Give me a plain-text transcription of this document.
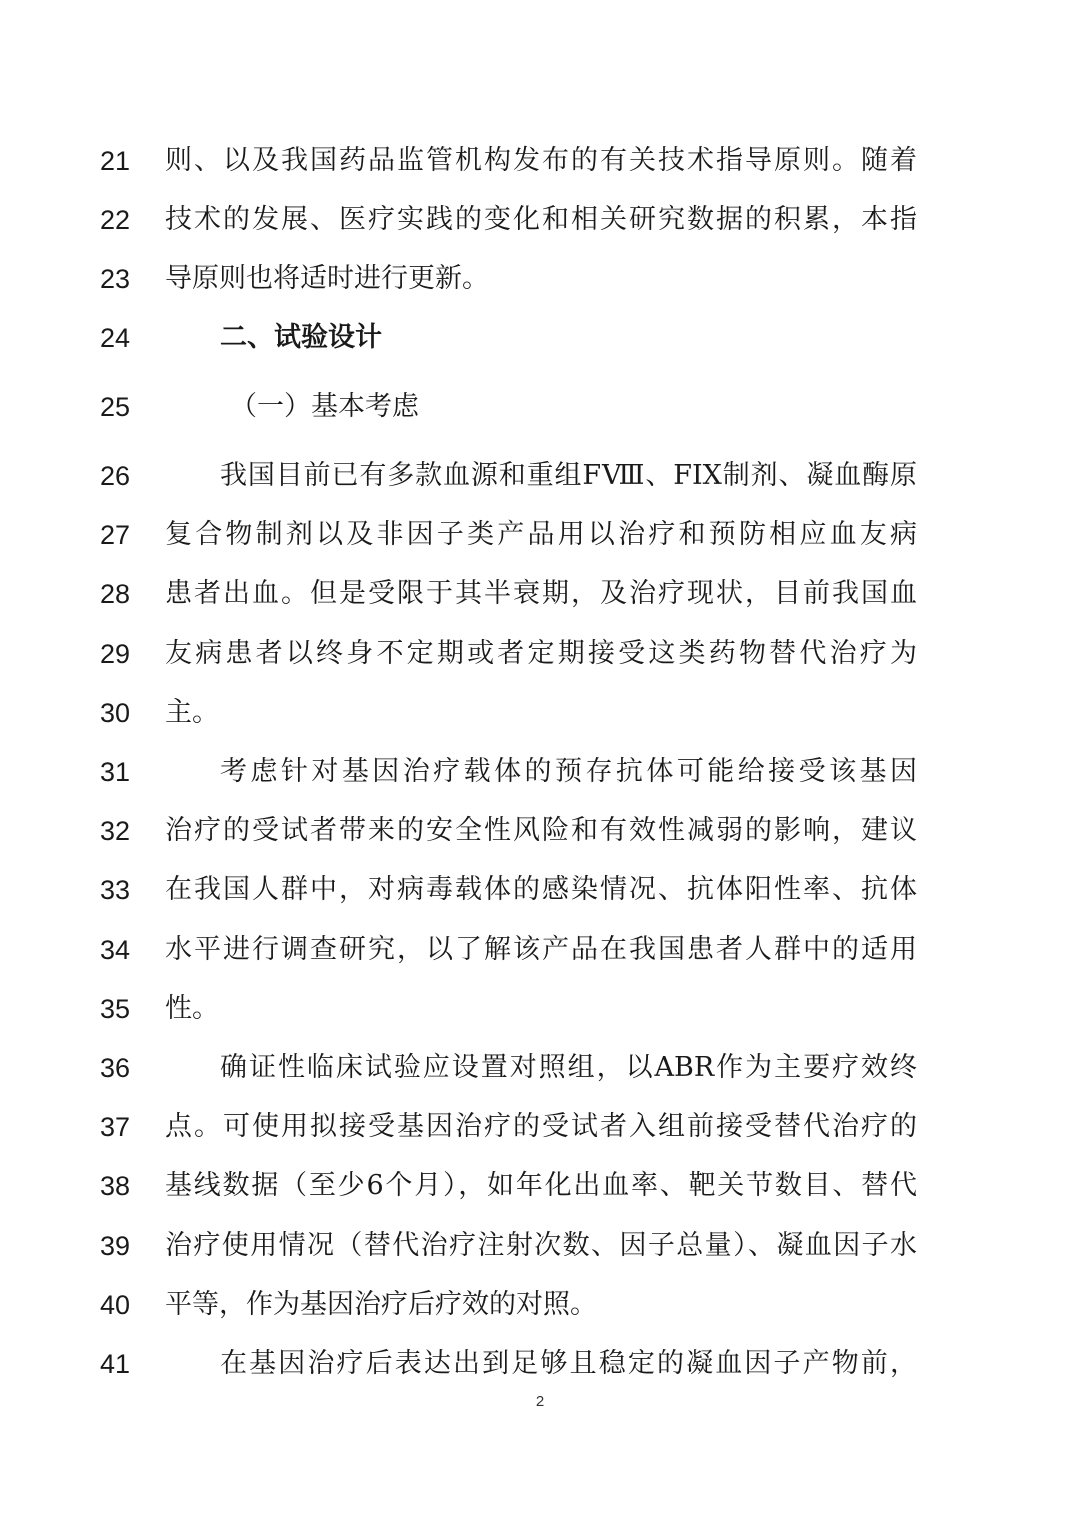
21	则、以及我国药品监管机构发布的有关技术指导原则。随着
22	技术的发展、医疗实践的变化和相关研究数据的积累，本指
23	导原则也将适时进行更新。
24	二、试验设计
25	（一）基本考虑
26	我国目前已有多款血源和重组FⅧ、FIX制剂、凝血酶原
27	复合物制剂以及非因子类产品用以治疗和预防相应血友病
28	患者出血。但是受限于其半衰期，及治疗现状，目前我国血
29	友病患者以终身不定期或者定期接受这类药物替代治疗为
30	主。
31	考虑针对基因治疗载体的预存抗体可能给接受该基因
32	治疗的受试者带来的安全性风险和有效性减弱的影响，建议
33	在我国人群中，对病毒载体的感染情况、抗体阳性率、抗体
34	水平进行调查研究，以了解该产品在我国患者人群中的适用
35	性。
36	确证性临床试验应设置对照组，以ABR作为主要疗效终
37	点。可使用拟接受基因治疗的受试者入组前接受替代治疗的
38	基线数据（至少6个月），如年化出血率、靶关节数目、替代
39	治疗使用情况（替代治疗注射次数、因子总量）、凝血因子水
40	平等，作为基因治疗后疗效的对照。
41	在基因治疗后表达出到足够且稳定的凝血因子产物前，
2
